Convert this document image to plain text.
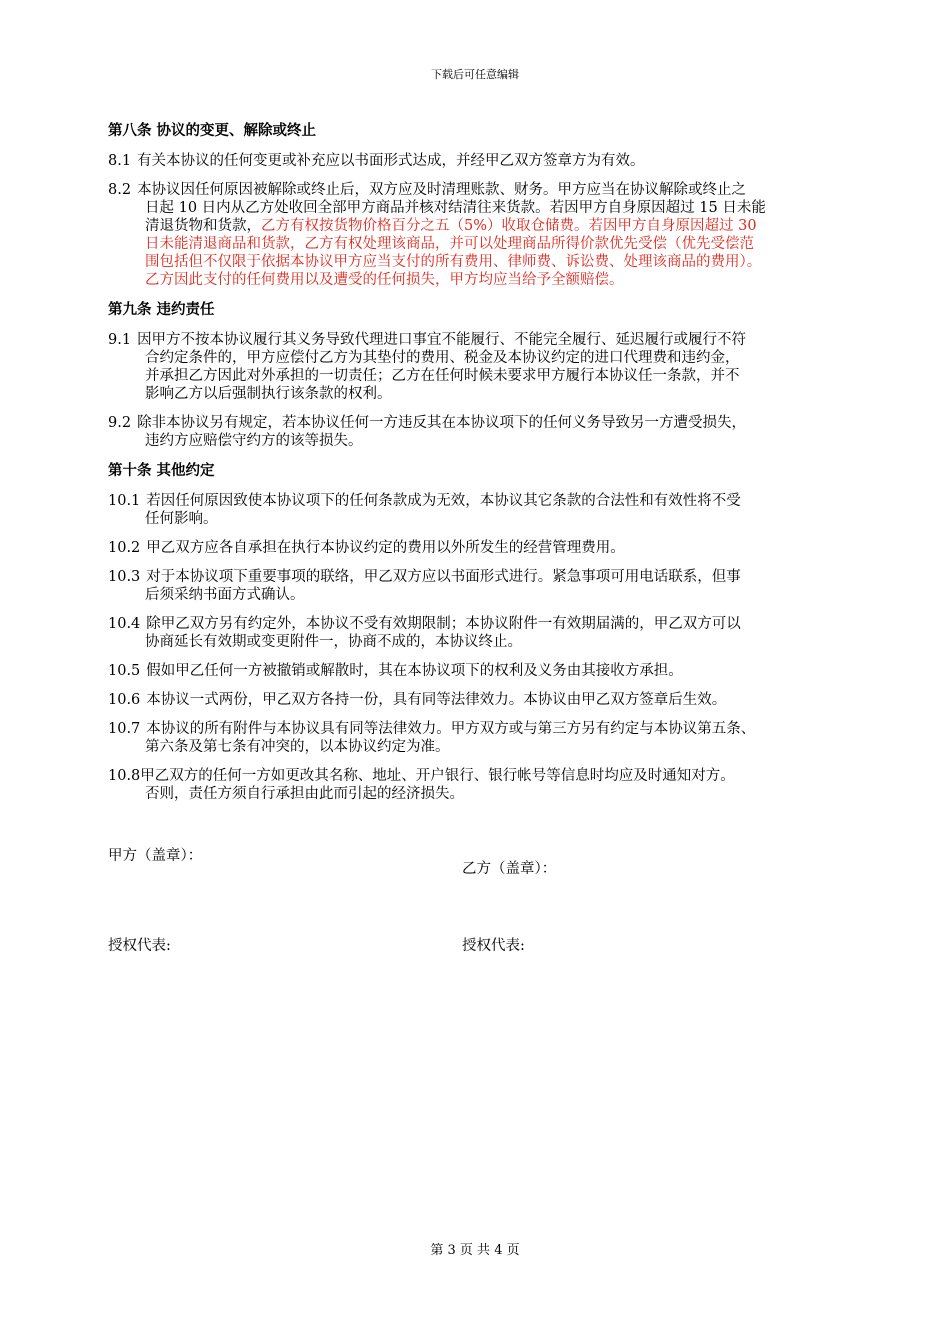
下载后可任意编辑
第八条 协议的变更、解除或终止
8.1 有关本协议的任何变更或补充应以书面形式达成，并经甲乙双方签章方为有效。
8.2 本协议因任何原因被解除或终止后，双方应及时清理账款、财务。甲方应当在协议解除或终止之
日起 10 日内从乙方处收回全部甲方商品并核对结清往来货款。若因甲方自身原因超过 15 日未能
清退货物和货款，乙方有权按货物价格百分之五（5%）收取仓储费。若因甲方自身原因超过 30
日未能清退商品和货款，乙方有权处理该商品，并可以处理商品所得价款优先受偿（优先受偿范
围包括但不仅限于依据本协议甲方应当支付的所有费用、律师费、诉讼费、处理该商品的费用）。
乙方因此支付的任何费用以及遭受的任何损失，甲方均应当给予全额赔偿。
第九条 违约责任
9.1 因甲方不按本协议履行其义务导致代理进口事宜不能履行、不能完全履行、延迟履行或履行不符
合约定条件的，甲方应偿付乙方为其垫付的费用、税金及本协议约定的进口代理费和违约金，
并承担乙方因此对外承担的一切责任；乙方在任何时候未要求甲方履行本协议任一条款，并不
影响乙方以后强制执行该条款的权利。
9.2 除非本协议另有规定，若本协议任何一方违反其在本协议项下的任何义务导致另一方遭受损失，
违约方应赔偿守约方的该等损失。
第十条 其他约定
10.1 若因任何原因致使本协议项下的任何条款成为无效，本协议其它条款的合法性和有效性将不受
任何影响。
10.2 甲乙双方应各自承担在执行本协议约定的费用以外所发生的经营管理费用。
10.3 对于本协议项下重要事项的联络，甲乙双方应以书面形式进行。紧急事项可用电话联系，但事
后须采纳书面方式确认。
10.4 除甲乙双方另有约定外，本协议不受有效期限制；本协议附件一有效期届满的，甲乙双方可以
协商延长有效期或变更附件一，协商不成的，本协议终止。
10.5 假如甲乙任何一方被撤销或解散时，其在本协议项下的权利及义务由其接收方承担。
10.6 本协议一式两份，甲乙双方各持一份，具有同等法律效力。本协议由甲乙双方签章后生效。
10.7 本协议的所有附件与本协议具有同等法律效力。甲方双方或与第三方另有约定与本协议第五条、
第六条及第七条有冲突的，以本协议约定为准。
10.8甲乙双方的任何一方如更改其名称、地址、开户银行、银行帐号等信息时均应及时通知对方。
否则，责任方须自行承担由此而引起的经济损失。
甲方（盖章）：
乙方（盖章）：
授权代表:	授权代表:
第 3 页 共 4 页
